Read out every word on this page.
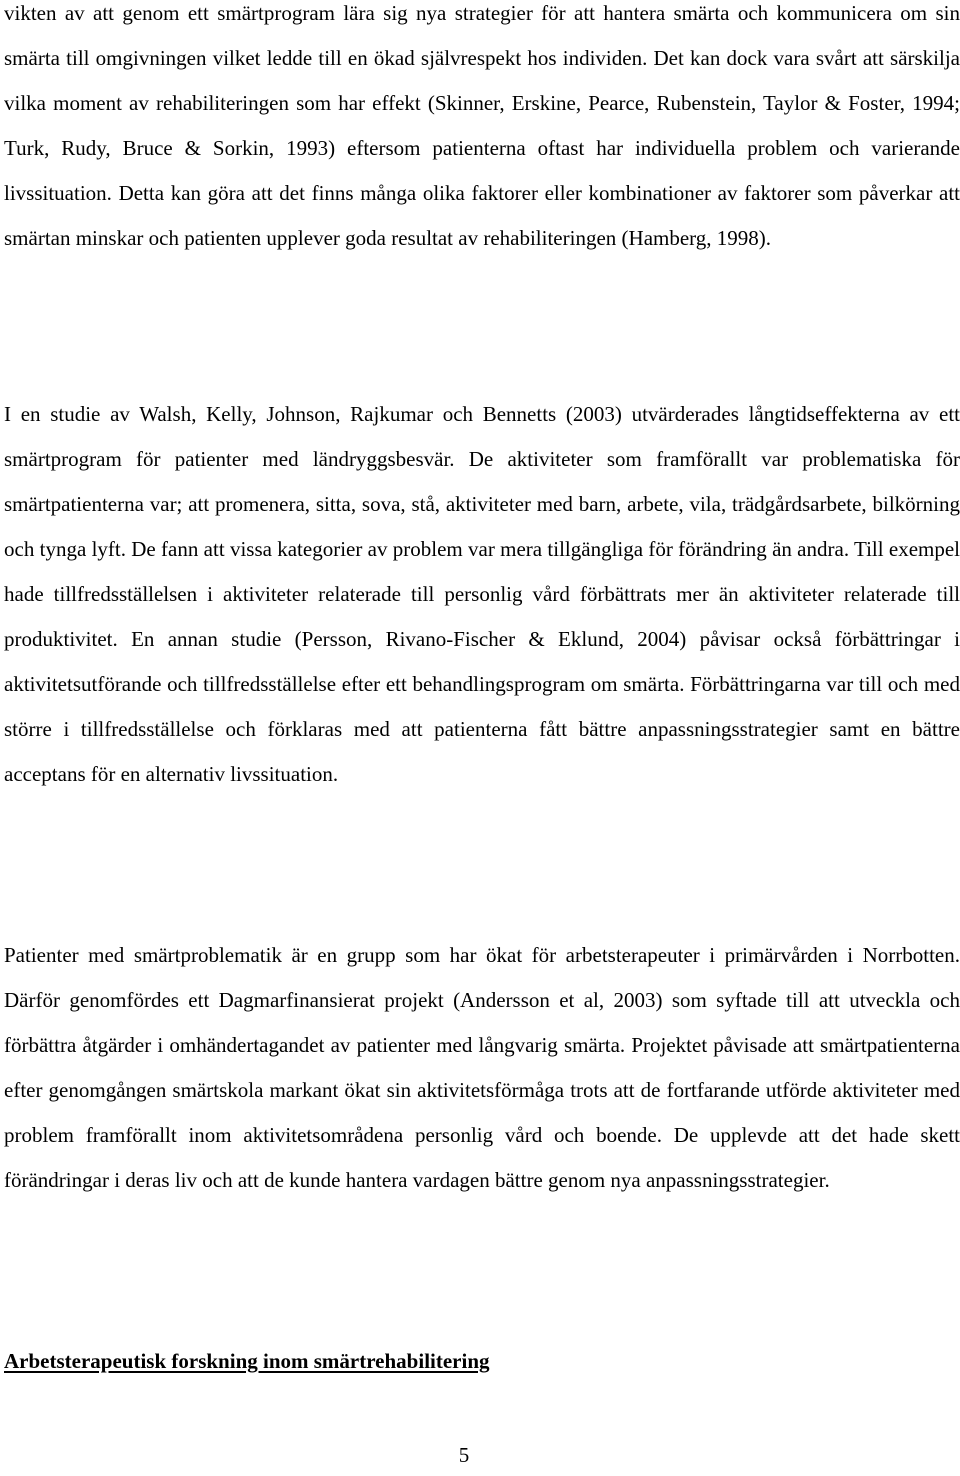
vikten av att genom ett smärtprogram lära sig nya strategier för att hantera smärta och kommunicera om sin smärta till omgivningen vilket ledde till en ökad självrespekt hos individen. Det kan dock vara svårt att särskilja vilka moment av rehabiliteringen som har effekt (Skinner, Erskine, Pearce, Rubenstein, Taylor & Foster, 1994; Turk, Rudy, Bruce & Sorkin, 1993) eftersom patienterna oftast har individuella problem och varierande livssituation. Detta kan göra att det finns många olika faktorer eller kombinationer av faktorer som påverkar att smärtan minskar och patienten upplever goda resultat av rehabiliteringen (Hamberg, 1998).

I en studie av Walsh, Kelly, Johnson, Rajkumar och Bennetts (2003) utvärderades långtidseffekterna av ett smärtprogram för patienter med ländryggsbesvär. De aktiviteter som framförallt var problematiska för smärtpatienterna var; att promenera, sitta, sova, stå, aktiviteter med barn, arbete, vila, trädgårdsarbete, bilkörning och tynga lyft. De fann att vissa kategorier av problem var mera tillgängliga för förändring än andra. Till exempel hade tillfredsställelsen i aktiviteter relaterade till personlig vård förbättrats mer än aktiviteter relaterade till produktivitet. En annan studie (Persson, Rivano-Fischer & Eklund, 2004) påvisar också förbättringar i aktivitetsutförande och tillfredsställelse efter ett behandlingsprogram om smärta. Förbättringarna var till och med större i tillfredsställelse och förklaras med att patienterna fått bättre anpassningsstrategier samt en bättre acceptans för en alternativ livssituation.

Patienter med smärtproblematik är en grupp som har ökat för arbetsterapeuter i primärvården i Norrbotten. Därför genomfördes ett Dagmarfinansierat projekt (Andersson et al, 2003) som syftade till att utveckla och förbättra åtgärder i omhändertagandet av patienter med långvarig smärta. Projektet påvisade att smärtpatienterna efter genomgången smärtskola markant ökat sin aktivitetsförmåga trots att de fortfarande utförde aktiviteter med problem framförallt inom aktivitetsområdena personlig vård och boende. De upplevde att det hade skett förändringar i deras liv och att de kunde hantera vardagen bättre genom nya anpassningsstrategier.

Arbetsterapeutisk forskning inom smärtrehabilitering
5
